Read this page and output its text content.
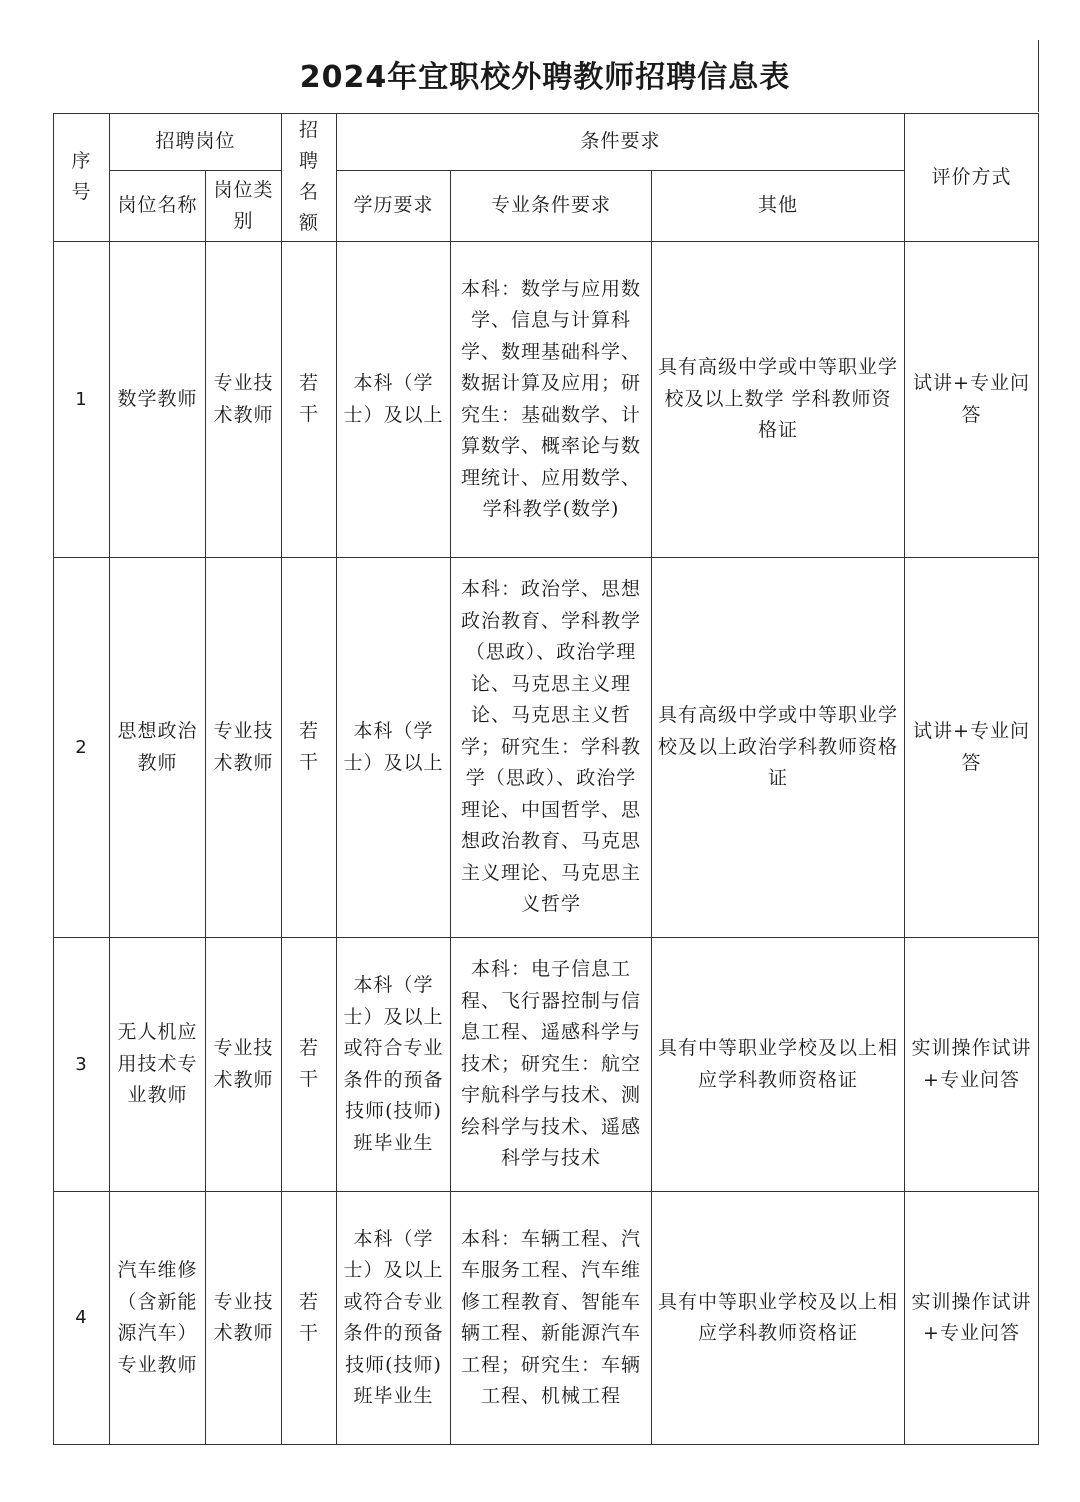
2024年宜职校外聘教师招聘信息表
序号	招聘岗位		招聘名额	条件要求			评价方式
	岗位名称	岗位类别		学历要求	专业条件要求	其他	
1	数学教师	专业技术教师	若干	本科（学士）及以上	本科：数学与应用数学、信息与计算科学、数理基础科学、数据计算及应用；研究生：基础数学、计算数学、概率论与数理统计、应用数学、学科教学(数学)	具有高级中学或中等职业学校及以上数学 学科教师资格证	试讲+专业问答
2	思想政治教师	专业技术教师	若干	本科（学士）及以上	本科：政治学、思想政治教育、学科教学（思政）、政治学理论、马克思主义理论、马克思主义哲学；研究生：学科教学（思政）、政治学理论、中国哲学、思想政治教育、马克思主义理论、马克思主义哲学	具有高级中学或中等职业学校及以上政治学科教师资格证	试讲+专业问答
3	无人机应用技术专业教师	专业技术教师	若干	本科（学士）及以上或符合专业条件的预备技师(技师)班毕业生	本科：电子信息工程、飞行器控制与信息工程、遥感科学与技术；研究生：航空宇航科学与技术、测绘科学与技术、遥感科学与技术	具有中等职业学校及以上相应学科教师资格证	实训操作试讲+专业问答
4	汽车维修（含新能源汽车）专业教师	专业技术教师	若干	本科（学士）及以上或符合专业条件的预备技师(技师)班毕业生	本科：车辆工程、汽车服务工程、汽车维修工程教育、智能车辆工程、新能源汽车工程；研究生：车辆工程、机械工程	具有中等职业学校及以上相应学科教师资格证	实训操作试讲+专业问答
